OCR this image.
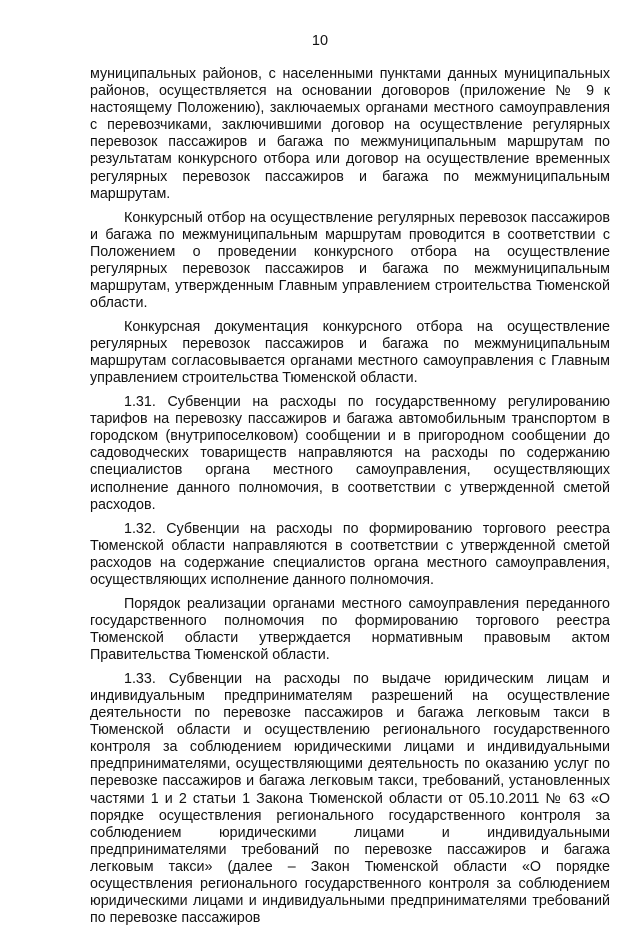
10

муниципальных районов, с населенными пунктами данных муниципальных районов, осуществляется на основании договоров (приложение № 9 к настоящему Положению), заключаемых органами местного самоуправления с перевозчиками, заключившими договор на осуществление регулярных перевозок пассажиров и багажа по межмуниципальным маршрутам по результатам конкурсного отбора или договор на осуществление временных регулярных перевозок пассажиров и багажа по межмуниципальным маршрутам.

Конкурсный отбор на осуществление регулярных перевозок пассажиров и багажа по межмуниципальным маршрутам проводится в соответствии с Положением о проведении конкурсного отбора на осуществление регулярных перевозок пассажиров и багажа по межмуниципальным маршрутам, утвержденным Главным управлением строительства Тюменской области.

Конкурсная документация конкурсного отбора на осуществление регулярных перевозок пассажиров и багажа по межмуниципальным маршрутам согласовывается органами местного самоуправления с Главным управлением строительства Тюменской области.

1.31. Субвенции на расходы по государственному регулированию тарифов на перевозку пассажиров и багажа автомобильным транспортом в городском (внутрипоселковом) сообщении и в пригородном сообщении до садоводческих товариществ направляются на расходы по содержанию специалистов органа местного самоуправления, осуществляющих исполнение данного полномочия, в соответствии с утвержденной сметой расходов.

1.32. Субвенции на расходы по формированию торгового реестра Тюменской области направляются в соответствии с утвержденной сметой расходов на содержание специалистов органа местного самоуправления, осуществляющих исполнение данного полномочия.

Порядок реализации органами местного самоуправления переданного государственного полномочия по формированию торгового реестра Тюменской области утверждается нормативным правовым актом Правительства Тюменской области.

1.33. Субвенции на расходы по выдаче юридическим лицам и индивидуальным предпринимателям разрешений на осуществление деятельности по перевозке пассажиров и багажа легковым такси в Тюменской области и осуществлению регионального государственного контроля за соблюдением юридическими лицами и индивидуальными предпринимателями, осуществляющими деятельность по оказанию услуг по перевозке пассажиров и багажа легковым такси, требований, установленных частями 1 и 2 статьи 1 Закона Тюменской области от 05.10.2011 № 63 «О порядке осуществления регионального государственного контроля за соблюдением юридическими лицами и индивидуальными предпринимателями требований по перевозке пассажиров и багажа легковым такси» (далее – Закон Тюменской области «О порядке осуществления регионального государственного контроля за соблюдением юридическими лицами и индивидуальными предпринимателями требований по перевозке пассажиров
